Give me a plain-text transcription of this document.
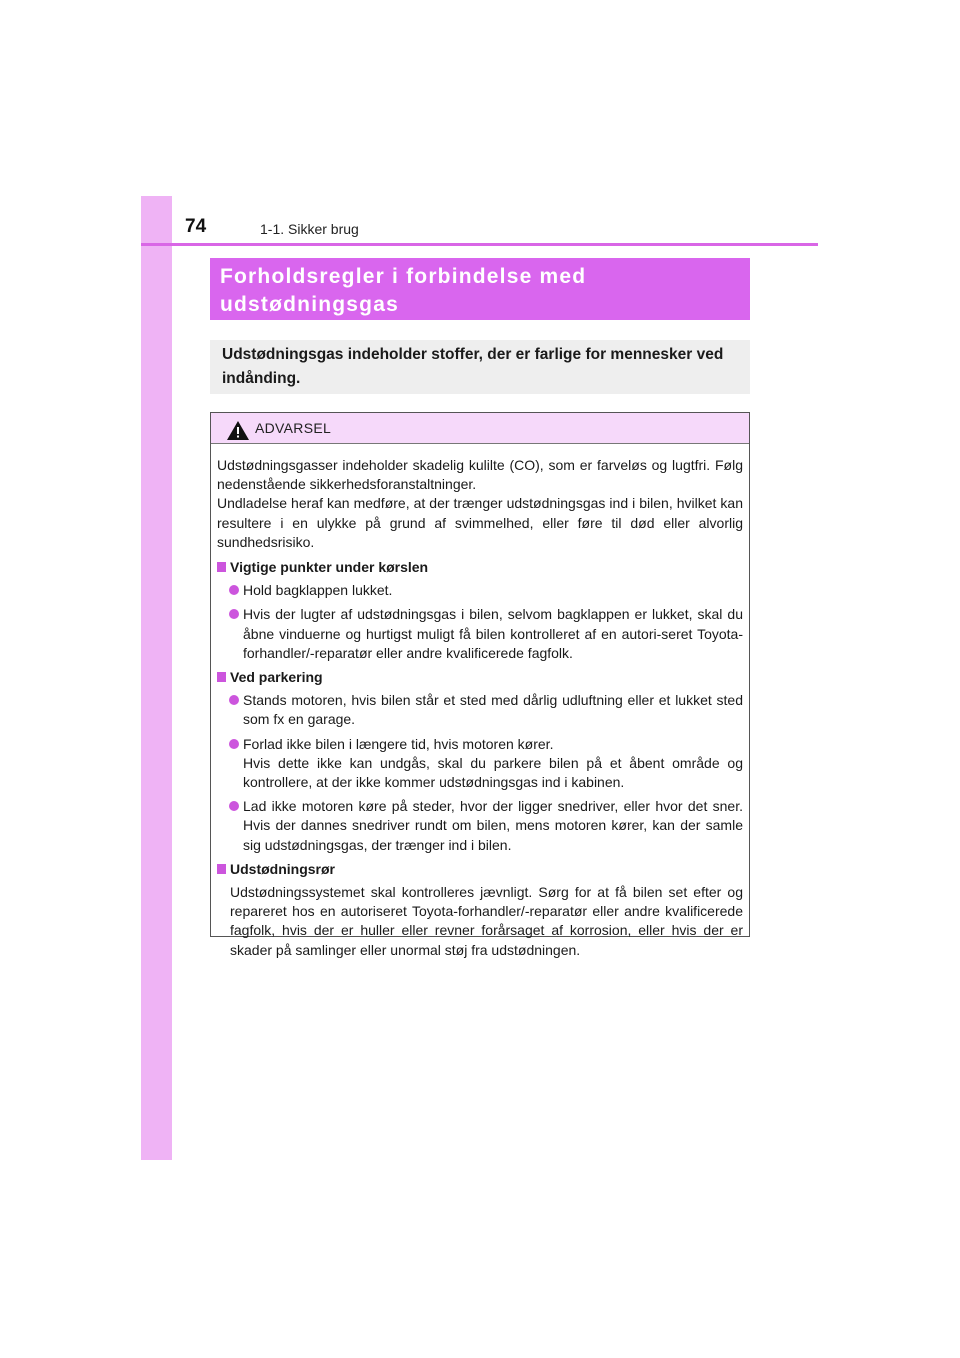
74	1-1. Sikker brug
Forholdsregler i forbindelse med udstødningsgas

Udstødningsgas indeholder stoffer, der er farlige for mennesker ved indånding.

ADVARSEL

Udstødningsgasser indeholder skadelig kulilte (CO), som er farveløs og lugtfri. Følg nedenstående sikkerhedsforanstaltninger.

Undladelse heraf kan medføre, at der trænger udstødningsgas ind i bilen, hvilket kan resultere i en ulykke på grund af svimmelhed, eller føre til død eller alvorlig sundhedsrisiko.

Vigtige punkter under kørslen
Hold bagklappen lukket.
Hvis der lugter af udstødningsgas i bilen, selvom bagklappen er lukket, skal du åbne vinduerne og hurtigst muligt få bilen kontrolleret af en autori-seret Toyota-forhandler/-reparatør eller andre kvalificerede fagfolk.
Ved parkering
Stands motoren, hvis bilen står et sted med dårlig udluftning eller et lukket sted som fx en garage.
Forlad ikke bilen i længere tid, hvis motoren kører.
Hvis dette ikke kan undgås, skal du parkere bilen på et åbent område og kontrollere, at der ikke kommer udstødningsgas ind i kabinen.
Lad ikke motoren køre på steder, hvor der ligger snedriver, eller hvor det sner. Hvis der dannes snedriver rundt om bilen, mens motoren kører, kan der samle sig udstødningsgas, der trænger ind i bilen.
Udstødningsrør

Udstødningssystemet skal kontrolleres jævnligt. Sørg for at få bilen set efter og repareret hos en autoriseret Toyota-forhandler/-reparatør eller andre kvalificerede fagfolk, hvis der er huller eller revner forårsaget af korrosion, eller hvis der er skader på samlinger eller unormal støj fra udstødningen.
